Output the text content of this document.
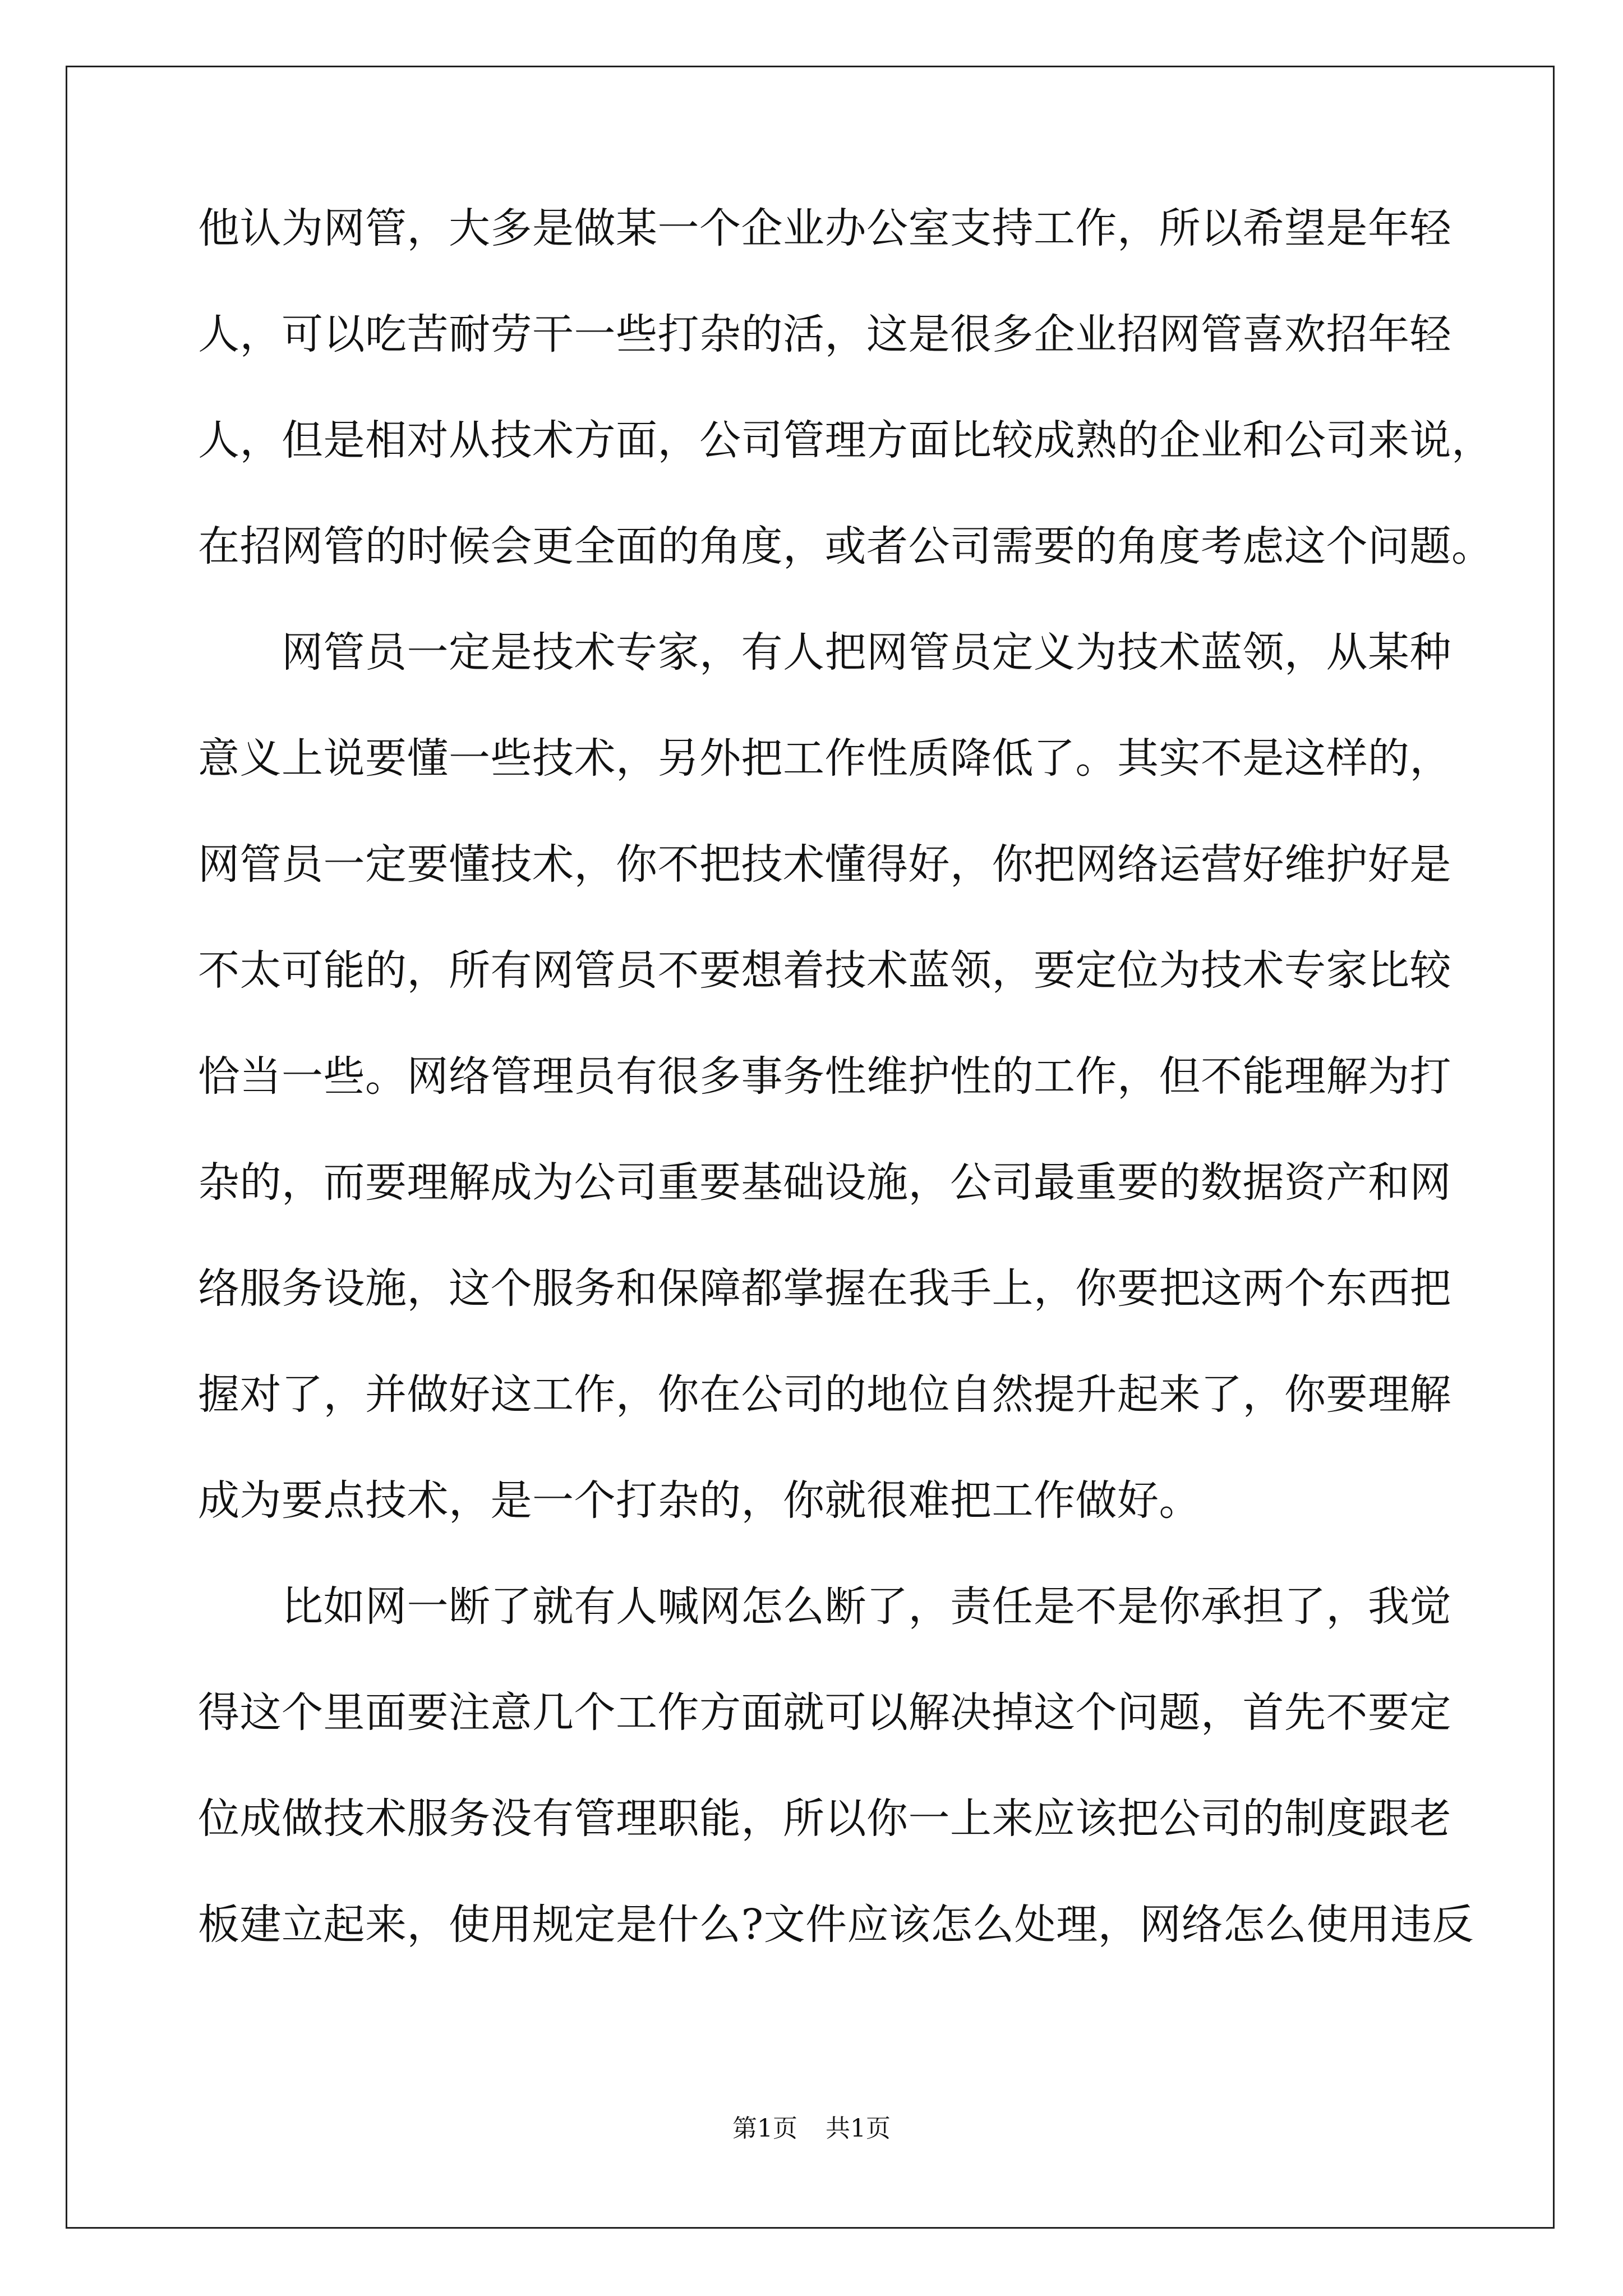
他认为网管，大多是做某一个企业办公室支持工作，所以希望是年轻
人，可以吃苦耐劳干一些打杂的活，这是很多企业招网管喜欢招年轻
人，但是相对从技术方面，公司管理方面比较成熟的企业和公司来说，
在招网管的时候会更全面的角度，或者公司需要的角度考虑这个问题。
　　网管员一定是技术专家，有人把网管员定义为技术蓝领，从某种
意义上说要懂一些技术，另外把工作性质降低了。其实不是这样的，
网管员一定要懂技术，你不把技术懂得好，你把网络运营好维护好是
不太可能的，所有网管员不要想着技术蓝领，要定位为技术专家比较
恰当一些。网络管理员有很多事务性维护性的工作，但不能理解为打
杂的，而要理解成为公司重要基础设施，公司最重要的数据资产和网
络服务设施，这个服务和保障都掌握在我手上，你要把这两个东西把
握对了，并做好这工作，你在公司的地位自然提升起来了，你要理解
成为要点技术，是一个打杂的，你就很难把工作做好。
　　比如网一断了就有人喊网怎么断了，责任是不是你承担了，我觉
得这个里面要注意几个工作方面就可以解决掉这个问题，首先不要定
位成做技术服务没有管理职能，所以你一上来应该把公司的制度跟老
板建立起来，使用规定是什么?文件应该怎么处理，网络怎么使用违反
第1页 共1页
